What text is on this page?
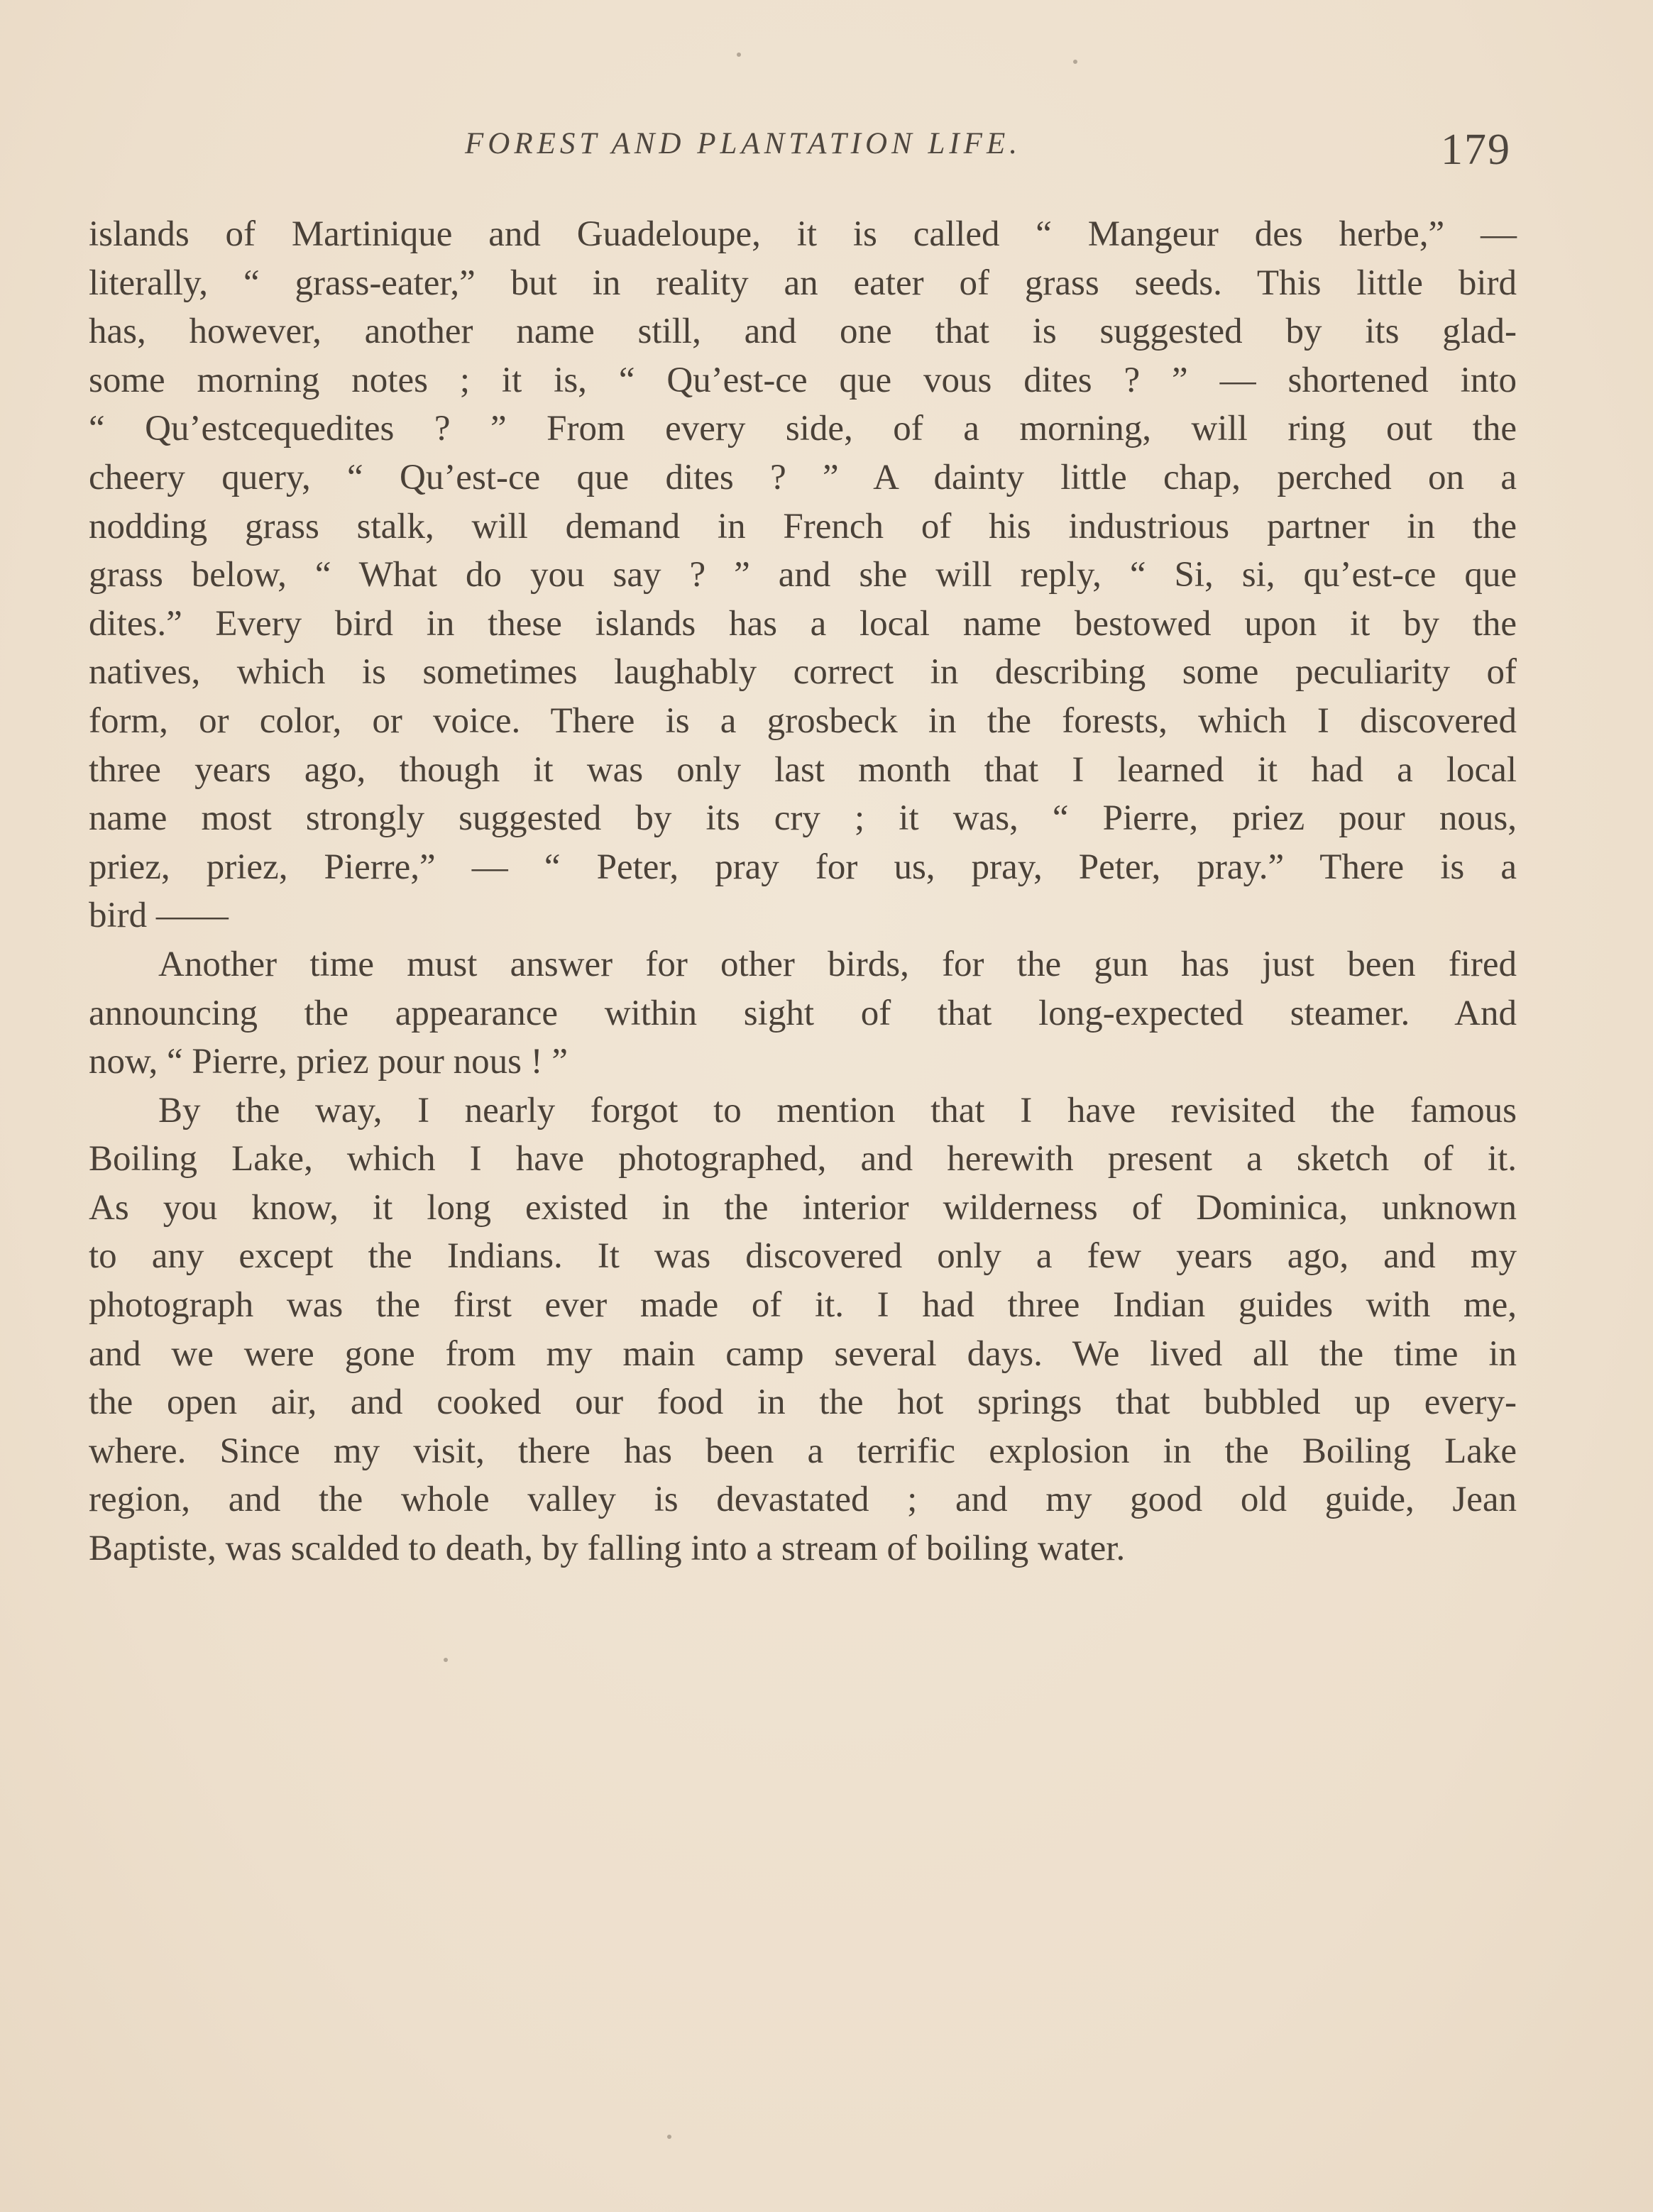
FOREST AND PLANTATION LIFE.	179
islands of Martinique and Guadeloupe, it is called “ Mangeur des herbe,” —
literally, “ grass-eater,” but in reality an eater of grass seeds. This little bird
has, however, another name still, and one that is suggested by its glad-
some morning notes ; it is, “ Qu’est-ce que vous dites ? ” — shortened into
“ Qu’estcequedites ? ” From every side, of a morning, will ring out the
cheery query, “ Qu’est-ce que dites ? ” A dainty little chap, perched on a
nodding grass stalk, will demand in French of his industrious partner in the
grass below, “ What do you say ? ” and she will reply, “ Si, si, qu’est-ce que
dites.” Every bird in these islands has a local name bestowed upon it by the
natives, which is sometimes laughably correct in describing some peculiarity of
form, or color, or voice. There is a grosbeck in the forests, which I discovered
three years ago, though it was only last month that I learned it had a local
name most strongly suggested by its cry ; it was, “ Pierre, priez pour nous,
priez, priez, Pierre,” — “ Peter, pray for us, pray, Peter, pray.” There is a
bird ——
Another time must answer for other birds, for the gun has just been fired
announcing the appearance within sight of that long-expected steamer. And
now, “ Pierre, priez pour nous ! ”
By the way, I nearly forgot to mention that I have revisited the famous
Boiling Lake, which I have photographed, and herewith present a sketch of it.
As you know, it long existed in the interior wilderness of Dominica, unknown
to any except the Indians. It was discovered only a few years ago, and my
photograph was the first ever made of it. I had three Indian guides with me,
and we were gone from my main camp several days. We lived all the time in
the open air, and cooked our food in the hot springs that bubbled up every-
where. Since my visit, there has been a terrific explosion in the Boiling Lake
region, and the whole valley is devastated ; and my good old guide, Jean
Baptiste, was scalded to death, by falling into a stream of boiling water.
